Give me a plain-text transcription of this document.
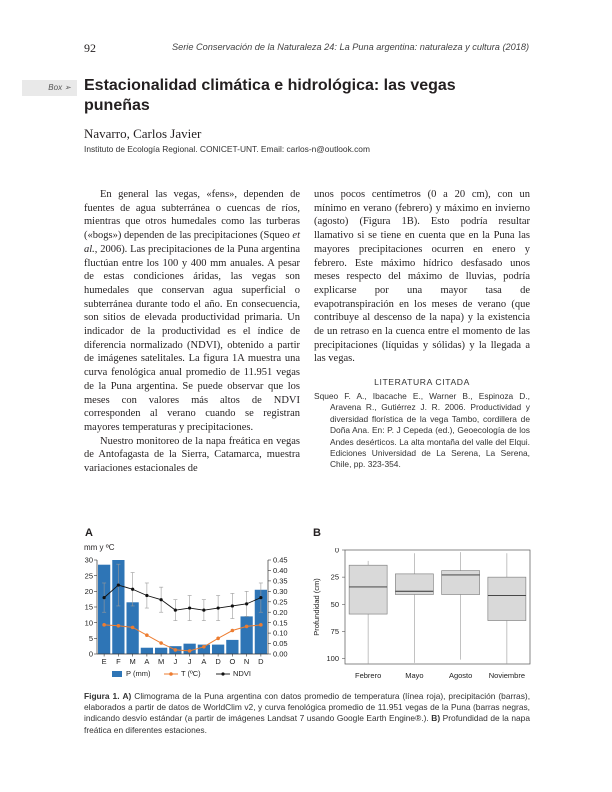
92	Serie Conservación de la Naturaleza 24: La Puna argentina: naturaleza y cultura (2018)
Box ➢ Estacionalidad climática e hidrológica: las vegas puneñas
Navarro, Carlos Javier
Instituto de Ecología Regional. CONICET-UNT. Email: carlos-n@outlook.com

En general las vegas, «fens», dependen de fuentes de agua subterránea o cuencas de ríos, mientras que otros humedales como las turberas («bogs») dependen de las precipitaciones (Squeo et al., 2006). Las precipitaciones de la Puna argentina fluctúan entre los 100 y 400 mm anuales. A pesar de estas condiciones áridas, las vegas son humedales que conservan agua superficial o subterránea durante todo el año. En consecuencia, son sitios de elevada productividad primaria. Un indicador de la productividad es el índice de diferencia normalizado (NDVI), obtenido a partir de imágenes satelitales. La figura 1A muestra una curva fenológica anual promedio de 11.951 vegas de la Puna argentina. Se puede observar que los meses con valores más altos de NDVI corresponden al verano cuando se registran mayores temperaturas y precipitaciones.

Nuestro monitoreo de la napa freática en vegas de Antofagasta de la Sierra, Catamarca, muestra variaciones estacionales de

unos pocos centímetros (0 a 20 cm), con un mínimo en verano (febrero) y máximo en invierno (agosto) (Figura 1B). Esto podría resultar llamativo si se tiene en cuenta que en la Puna las mayores precipitaciones ocurren en enero y febrero. Este máximo hídrico desfasado unos meses respecto del máximo de lluvias, podría explicarse por una mayor tasa de evapotranspiración en los meses de verano (que contribuye al descenso de la napa) y la existencia de un retraso en la cuenca entre el momento de las precipitaciones (líquidas y sólidas) y la llegada a las vegas.

LITERATURA CITADA
Squeo F. A., Ibacache E., Warner B., Espinoza D., Aravena R., Gutiérrez J. R. 2006. Productividad y diversidad florística de la vega Tambo, cordillera de Doña Ana. En: P. J Cepeda (ed.), Geoecología de los Andes desérticos. La alta montaña del valle del Elqui. Ediciones Universidad de La Serena, La Serena, Chile, pp. 323-354.
A	B
mm y ºC
0
5
10
15
20
25
30
0.00
0.05
0.10
0.15
0.20
0.25
0.30
0.35
0.40
0.45
E F M A M J J A D O N D
P (mm)	T (ºC)	NDVI
0
25
50
75
100
Profundidad (cm)
Febrero	Mayo	Agosto Noviembre
Figura 1. A) Climograma de la Puna argentina con datos promedio de temperatura (línea roja), precipitación (barras), elaborados a partir de datos de WorldClim v2, y curva fenológica promedio de 11.951 vegas de la Puna (barras negras, indicando desvío estándar (a partir de imágenes Landsat 7 usando Google Earth Engine®.). B) Profundidad de la napa freática en diferentes estaciones.
